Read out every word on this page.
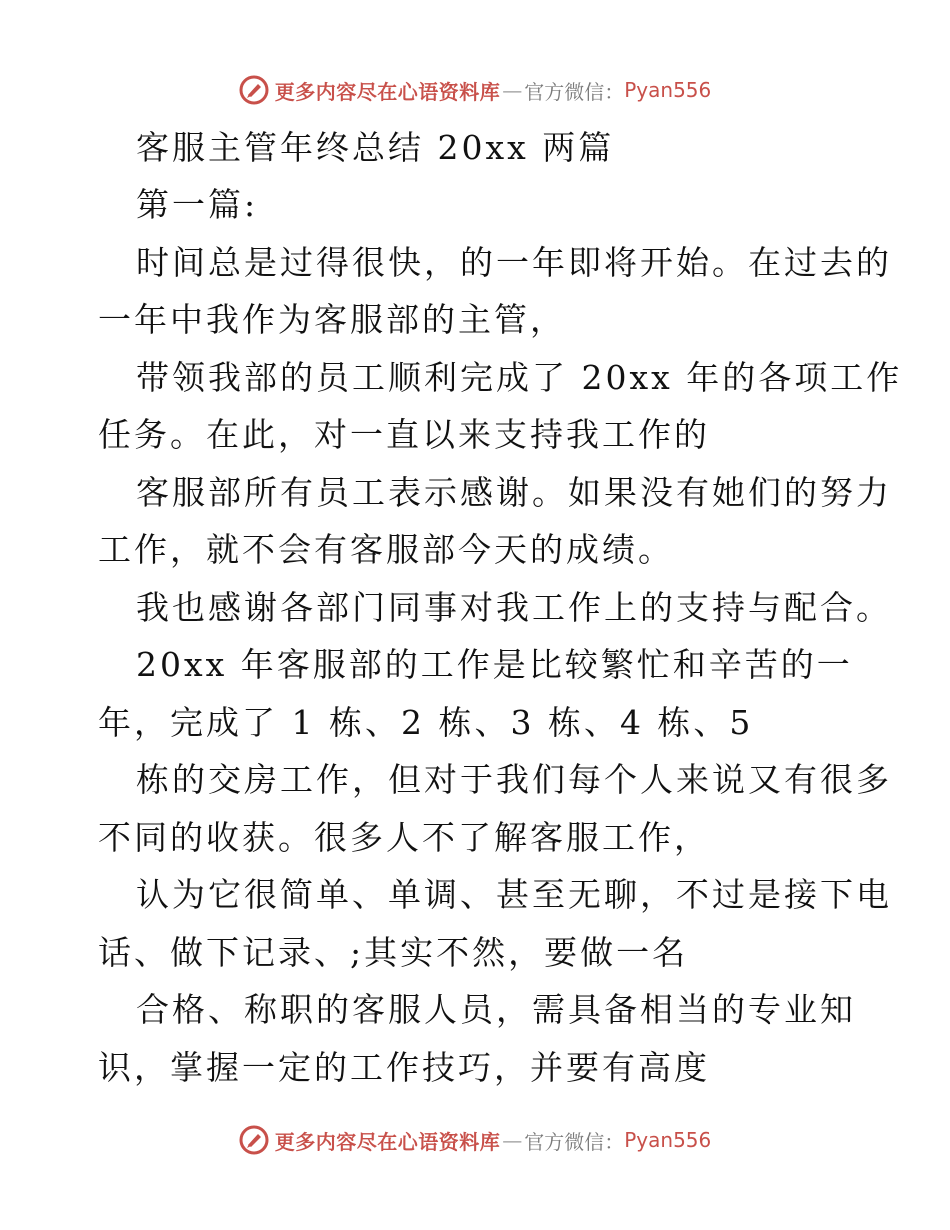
更多内容尽在心语资料库 — 官方微信： Pyan556
客服主管年终总结 20xx 两篇
第一篇:
时间总是过得很快，的一年即将开始。在过去的
一年中我作为客服部的主管，
带领我部的员工顺利完成了 20xx 年的各项工作
任务。在此，对一直以来支持我工作的
客服部所有员工表示感谢。如果没有她们的努力
工作，就不会有客服部今天的成绩。
我也感谢各部门同事对我工作上的支持与配合。
20xx 年客服部的工作是比较繁忙和辛苦的一
年，完成了 1 栋、2 栋、3 栋、4 栋、5
栋的交房工作，但对于我们每个人来说又有很多
不同的收获。很多人不了解客服工作，
认为它很简单、单调、甚至无聊，不过是接下电
话、做下记录、;其实不然，要做一名
合格、称职的客服人员，需具备相当的专业知
识，掌握一定的工作技巧，并要有高度
更多内容尽在心语资料库 — 官方微信： Pyan556
